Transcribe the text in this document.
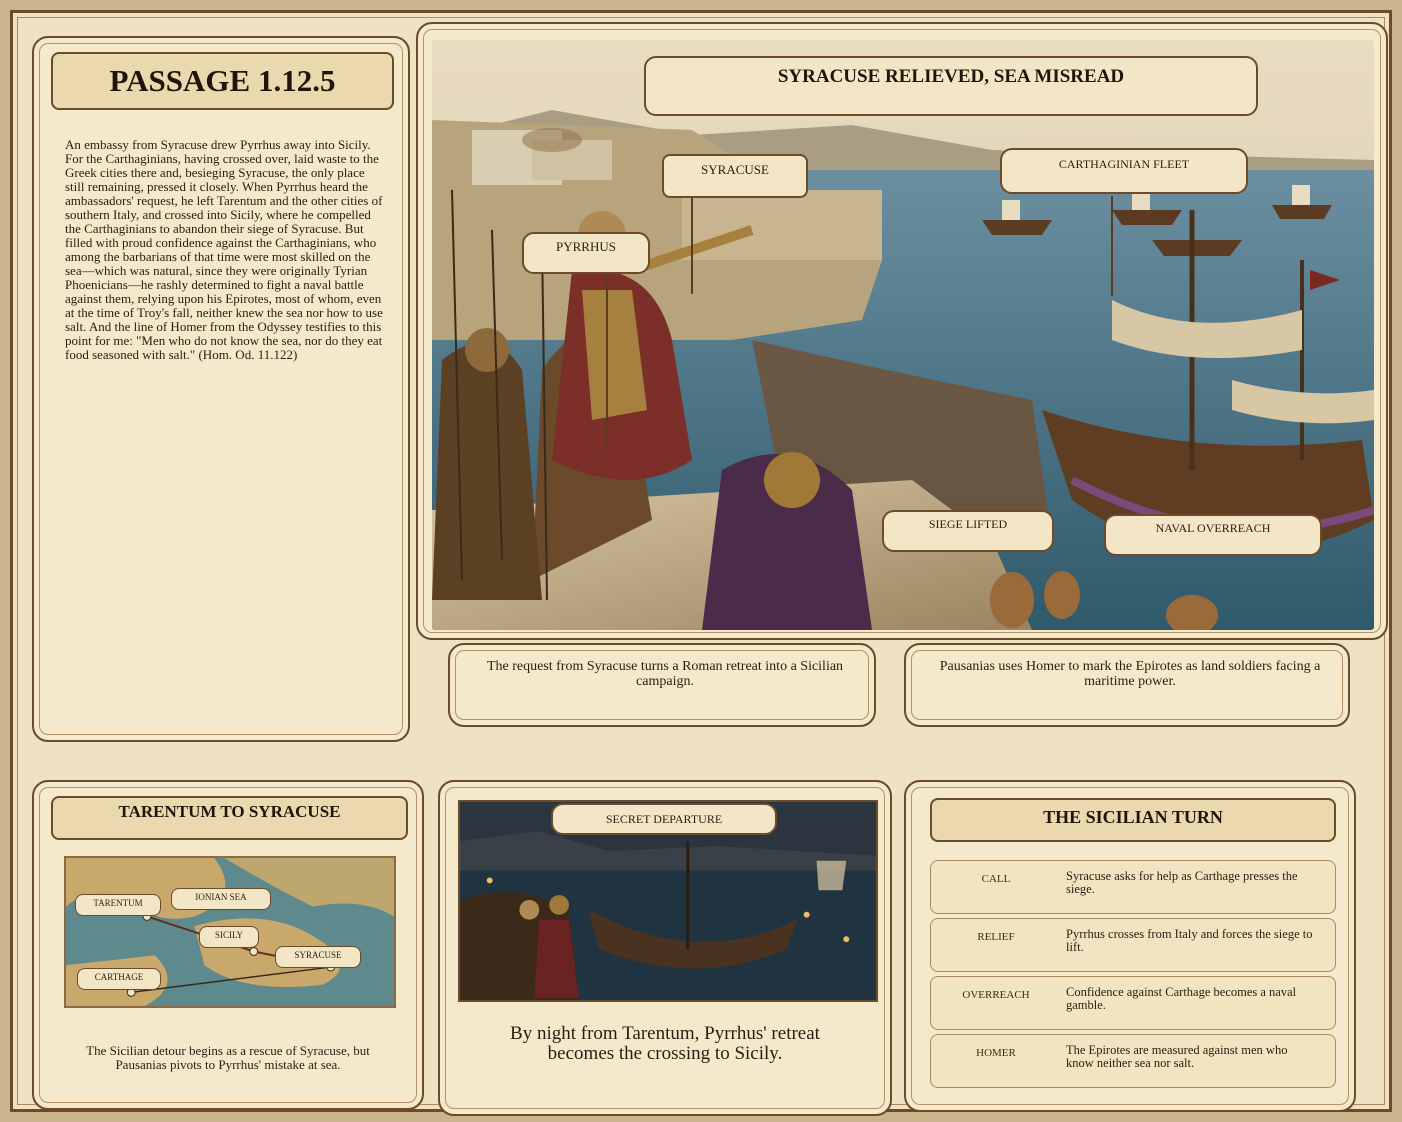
PASSAGE 1.12.5
An embassy from Syracuse drew Pyrrhus away into Sicily. For the Carthaginians, having crossed over, laid waste to the Greek cities there and, besieging Syracuse, the only place still remaining, pressed it closely. When Pyrrhus heard the ambassadors' request, he left Tarentum and the other cities of southern Italy, and crossed into Sicily, where he compelled the Carthaginians to abandon their siege of Syracuse. But filled with proud confidence against the Carthaginians, who among the barbarians of that time were most skilled on the sea—which was natural, since they were originally Tyrian Phoenicians—he rashly determined to fight a naval battle against them, relying upon his Epirotes, most of whom, even at the time of Troy's fall, neither knew the sea nor how to use salt. And the line of Homer from the Odyssey testifies to this point for me: "Men who do not know the sea, nor do they eat food seasoned with salt." (Hom. Od. 11.122)
SYRACUSE RELIEVED, SEA MISREAD
SYRACUSE	CARTHAGINIAN FLEET
PYRRHUS
SIEGE LIFTED	NAVAL OVERREACH
The request from Syracuse turns a Roman retreat into a Sicilian campaign.
Pausanias uses Homer to mark the Epirotes as land soldiers facing a maritime power.
TARENTUM TO SYRACUSE
TARENTUM
IONIAN SEA
SICILY
SYRACUSE
CARTHAGE
The Sicilian detour begins as a rescue of Syracuse, but Pausanias pivots to Pyrrhus' mistake at sea.
SECRET DEPARTURE
By night from Tarentum, Pyrrhus' retreat becomes the crossing to Sicily.
THE SICILIAN TURN
CALL	Syracuse asks for help as Carthage presses the siege.
RELIEF	Pyrrhus crosses from Italy and forces the siege to lift.
OVERREACH	Confidence against Carthage becomes a naval gamble.
HOMER	The Epirotes are measured against men who know neither sea nor salt.
